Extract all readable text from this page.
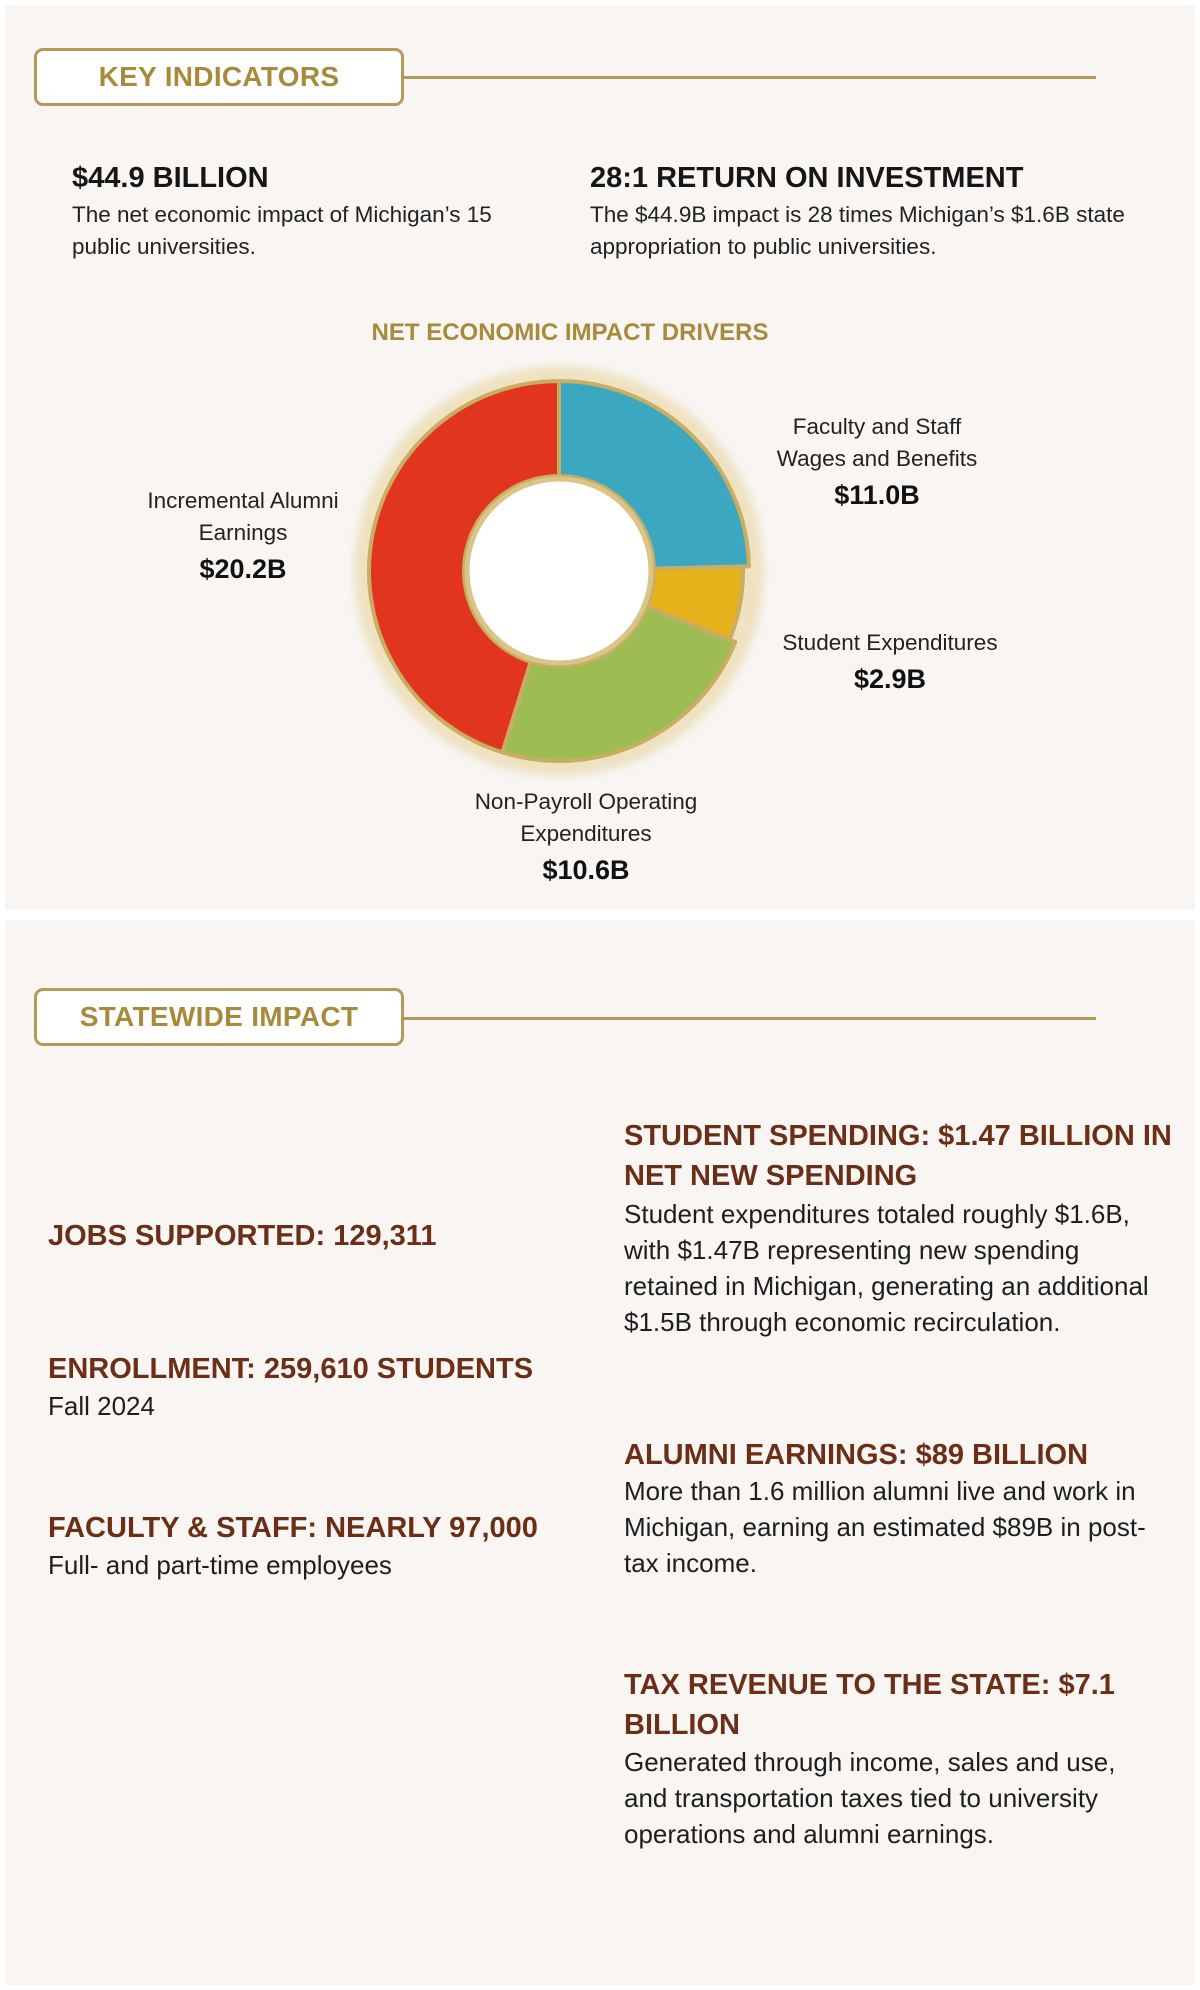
KEY INDICATORS
$44.9 BILLION
The net economic impact of Michigan’s 15 public universities.
28:1 RETURN ON INVESTMENT
The $44.9B impact is 28 times Michigan’s $1.6B state appropriation to public universities.
NET ECONOMIC IMPACT DRIVERS
Faculty and Staff Wages and Benefits
$11.0B
Student Expenditures
$2.9B
Non-Payroll Operating Expenditures
$10.6B
Incremental Alumni Earnings
$20.2B
STATEWIDE IMPACT
JOBS SUPPORTED: 129,311
ENROLLMENT: 259,610 STUDENTS
Fall 2024
FACULTY & STAFF: NEARLY 97,000
Full- and part-time employees
STUDENT SPENDING: $1.47 BILLION IN NET NEW SPENDING
Student expenditures totaled roughly $1.6B, with $1.47B representing new spending retained in Michigan, generating an additional $1.5B through economic recirculation.
ALUMNI EARNINGS: $89 BILLION
More than 1.6 million alumni live and work in Michigan, earning an estimated $89B in post-tax income.
TAX REVENUE TO THE STATE: $7.1 BILLION
Generated through income, sales and use, and transportation taxes tied to university operations and alumni earnings.
